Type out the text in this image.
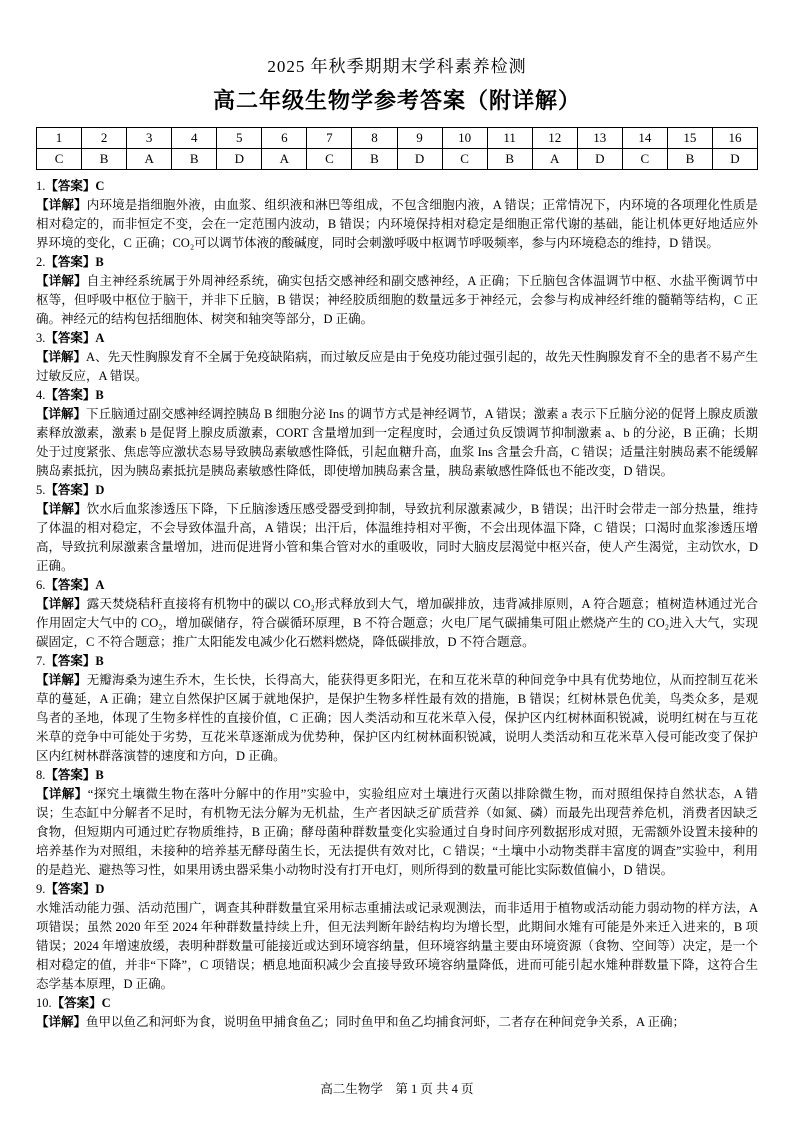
2025 年秋季期期末学科素养检测
高二年级生物学参考答案（附详解）
1	2	3	4	5	6	7	8	9	10	11	12	13	14	15	16
C	B	A	B	D	A	C	B	D	C	B	A	D	C	B	D
1.【答案】C
【详解】内环境是指细胞外液，由血浆、组织液和淋巴等组成，不包含细胞内液，A 错误；正常情况下，内环境的各项理化性质是相对稳定的，而非恒定不变，会在一定范围内波动，B 错误；内环境保持相对稳定是细胞正常代谢的基础，能让机体更好地适应外界环境的变化，C 正确；CO₂可以调节体液的酸碱度，同时会刺激呼吸中枢调节呼吸频率，参与内环境稳态的维持，D 错误。
2.【答案】B
【详解】自主神经系统属于外周神经系统，确实包括交感神经和副交感神经，A 正确；下丘脑包含体温调节中枢、水盐平衡调节中枢等，但呼吸中枢位于脑干，并非下丘脑，B 错误；神经胶质细胞的数量远多于神经元，会参与构成神经纤维的髓鞘等结构，C 正确。神经元的结构包括细胞体、树突和轴突等部分，D 正确。
3.【答案】A
【详解】A、先天性胸腺发育不全属于免疫缺陷病，而过敏反应是由于免疫功能过强引起的，故先天性胸腺发育不全的患者不易产生过敏反应，A 错误。
4.【答案】B
【详解】下丘脑通过副交感神经调控胰岛 B 细胞分泌 Ins 的调节方式是神经调节，A 错误；激素 a 表示下丘脑分泌的促肾上腺皮质激素释放激素，激素 b 是促肾上腺皮质激素，CORT 含量增加到一定程度时，会通过负反馈调节抑制激素 a、b 的分泌，B 正确；长期处于过度紧张、焦虑等应激状态易导致胰岛素敏感性降低，引起血糖升高，血浆 Ins 含量会升高，C 错误；适量注射胰岛素不能缓解胰岛素抵抗，因为胰岛素抵抗是胰岛素敏感性降低，即使增加胰岛素含量，胰岛素敏感性降低也不能改变，D 错误。
5.【答案】D
【详解】饮水后血浆渗透压下降，下丘脑渗透压感受器受到抑制，导致抗利尿激素减少，B 错误；出汗时会带走一部分热量，维持了体温的相对稳定，不会导致体温升高，A 错误；出汗后，体温维持相对平衡，不会出现体温下降，C 错误；口渴时血浆渗透压增高，导致抗利尿激素含量增加，进而促进肾小管和集合管对水的重吸收，同时大脑皮层渴觉中枢兴奋，使人产生渴觉，主动饮水，D 正确。
6.【答案】A
【详解】露天焚烧秸秆直接将有机物中的碳以 CO₂形式释放到大气，增加碳排放，违背减排原则，A 符合题意；植树造林通过光合作用固定大气中的 CO₂，增加碳储存，符合碳循环原理，B 不符合题意；火电厂尾气碳捕集可阻止燃烧产生的 CO₂进入大气，实现碳固定，C 不符合题意；推广太阳能发电减少化石燃料燃烧，降低碳排放，D 不符合题意。
7.【答案】B
【详解】无瓣海桑为速生乔木，生长快，长得高大，能获得更多阳光，在和互花米草的种间竞争中具有优势地位，从而控制互花米草的蔓延，A 正确；建立自然保护区属于就地保护，是保护生物多样性最有效的措施，B 错误；红树林景色优美，鸟类众多，是观鸟者的圣地，体现了生物多样性的直接价值，C 正确；因人类活动和互花米草入侵，保护区内红树林面积锐减，说明红树在与互花米草的竞争中可能处于劣势，互花米草逐渐成为优势种，保护区内红树林面积锐减，说明人类活动和互花米草入侵可能改变了保护区内红树林群落演替的速度和方向，D 正确。
8.【答案】B
【详解】“探究土壤微生物在落叶分解中的作用”实验中，实验组应对土壤进行灭菌以排除微生物，而对照组保持自然状态，A 错误；生态缸中分解者不足时，有机物无法分解为无机盐，生产者因缺乏矿质营养（如氮、磷）而最先出现营养危机，消费者因缺乏食物，但短期内可通过贮存物质维持，B 正确；酵母菌种群数量变化实验通过自身时间序列数据形成对照，无需额外设置未接种的培养基作为对照组，未接种的培养基无酵母菌生长，无法提供有效对比，C 错误；“土壤中小动物类群丰富度的调查”实验中，利用的是趋光、避热等习性，如果用诱虫器采集小动物时没有打开电灯，则所得到的数量可能比实际数值偏小，D 错误。
9.【答案】D
水雉活动能力强、活动范围广，调查其种群数量宜采用标志重捕法或记录观测法，而非适用于植物或活动能力弱动物的样方法，A 项错误；虽然 2020 年至 2024 年种群数量持续上升，但无法判断年龄结构均为增长型，此期间水雉有可能是外来迁入进来的，B 项错误；2024 年增速放缓，表明种群数量可能接近或达到环境容纳量，但环境容纳量主要由环境资源（食物、空间等）决定，是一个相对稳定的值，并非“下降”，C 项错误；栖息地面积减少会直接导致环境容纳量降低，进而可能引起水雉种群数量下降，这符合生态学基本原理，D 正确。
10.【答案】C
【详解】鱼甲以鱼乙和河虾为食，说明鱼甲捕食鱼乙；同时鱼甲和鱼乙均捕食河虾，二者存在种间竞争关系，A 正确；
高二生物学　第 1 页 共 4 页
